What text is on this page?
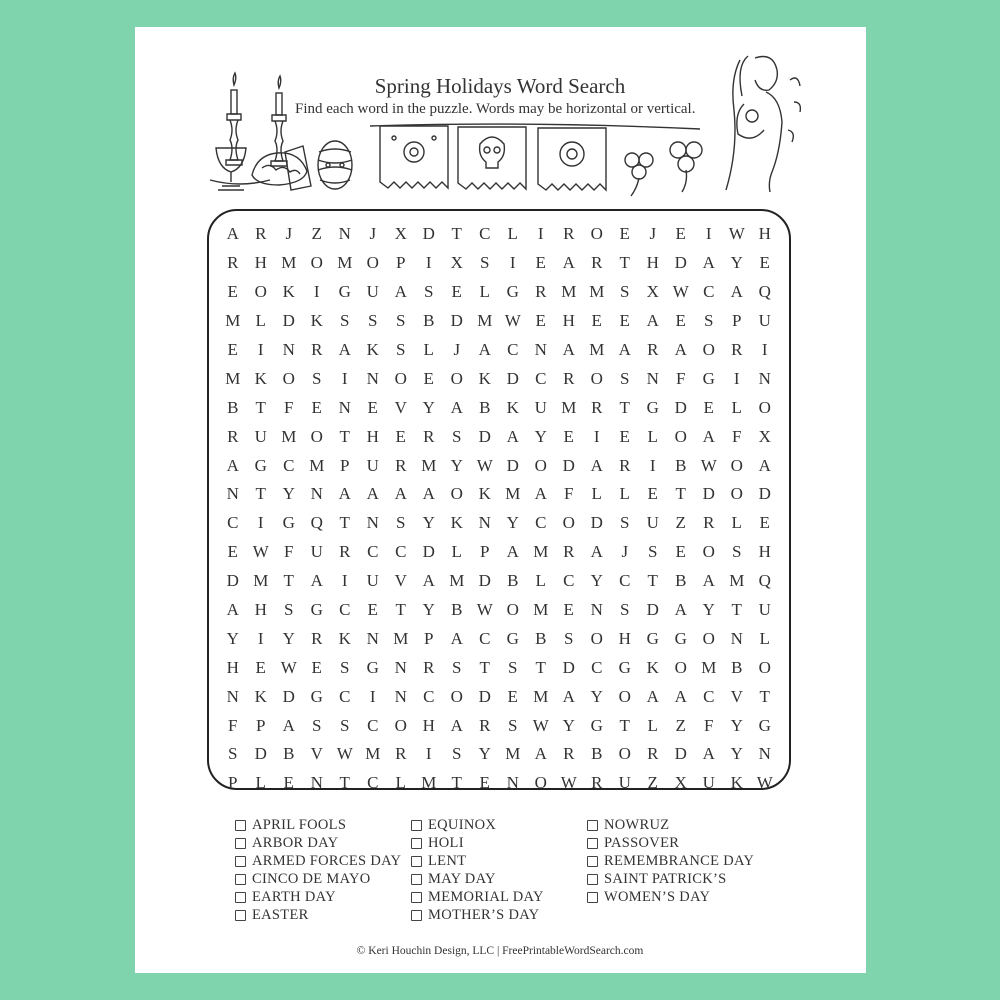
Spring Holidays Word Search
Find each word in the puzzle. Words may be horizontal or vertical.
A R	J	Z N	J	X D T C L	I	R O E	J	E	I W H
R H M O M O P	I	X S	I	E A R T H D A Y E
E O K	I	G U A S	E	L G R M M S X W C A Q
M L D K S	S	S	B D M W E H E	E A E	S	P U
E	I	N R A K S	L	J	A C N A M A R A O R	I
M K O S	I	N O E O K D C R O S N F G	I	N
B T	F	E N E V Y A B K U M R T G D E	L O
R U M O T H E R	S D A Y E	I	E	L O A F X
A G C M P U R M Y W D O D A R	I	B W O A
N T Y N A A A A O K M A F	L	L	E	T D O D
C	I	G Q T N S Y K N Y C O D S U Z R L	E
E W F U R C C D L	P A M R A	J	S	E O S H
D M T A	I	U V A M D B L C Y C T B A M Q
A H S G C E	T Y B W O M E N S D A Y T U
Y	I	Y R K N M P A C G B	S O H G G O N L
H E W E	S G N R	S	T	S	T D C G K O M B O
N K D G C	I	N C O D E M A Y O A A C V T
F	P A S	S	C O H A R	S W Y G T	L	Z	F Y G
S D B V W M R	I	S Y M A R B O R D A Y N
P	L	E N T C L M T	E N O W R U Z X U K W
APRIL FOOLS
ARBOR DAY
ARMED FORCES DAY
CINCO DE MAYO
EARTH DAY
EASTER
EQUINOX
HOLI
LENT
MAY DAY
MEMORIAL DAY
MOTHER’S DAY
NOWRUZ
PASSOVER
REMEMBRANCE DAY
SAINT PATRICK’S
WOMEN’S DAY
© Keri Houchin Design, LLC | FreePrintableWordSearch.com
